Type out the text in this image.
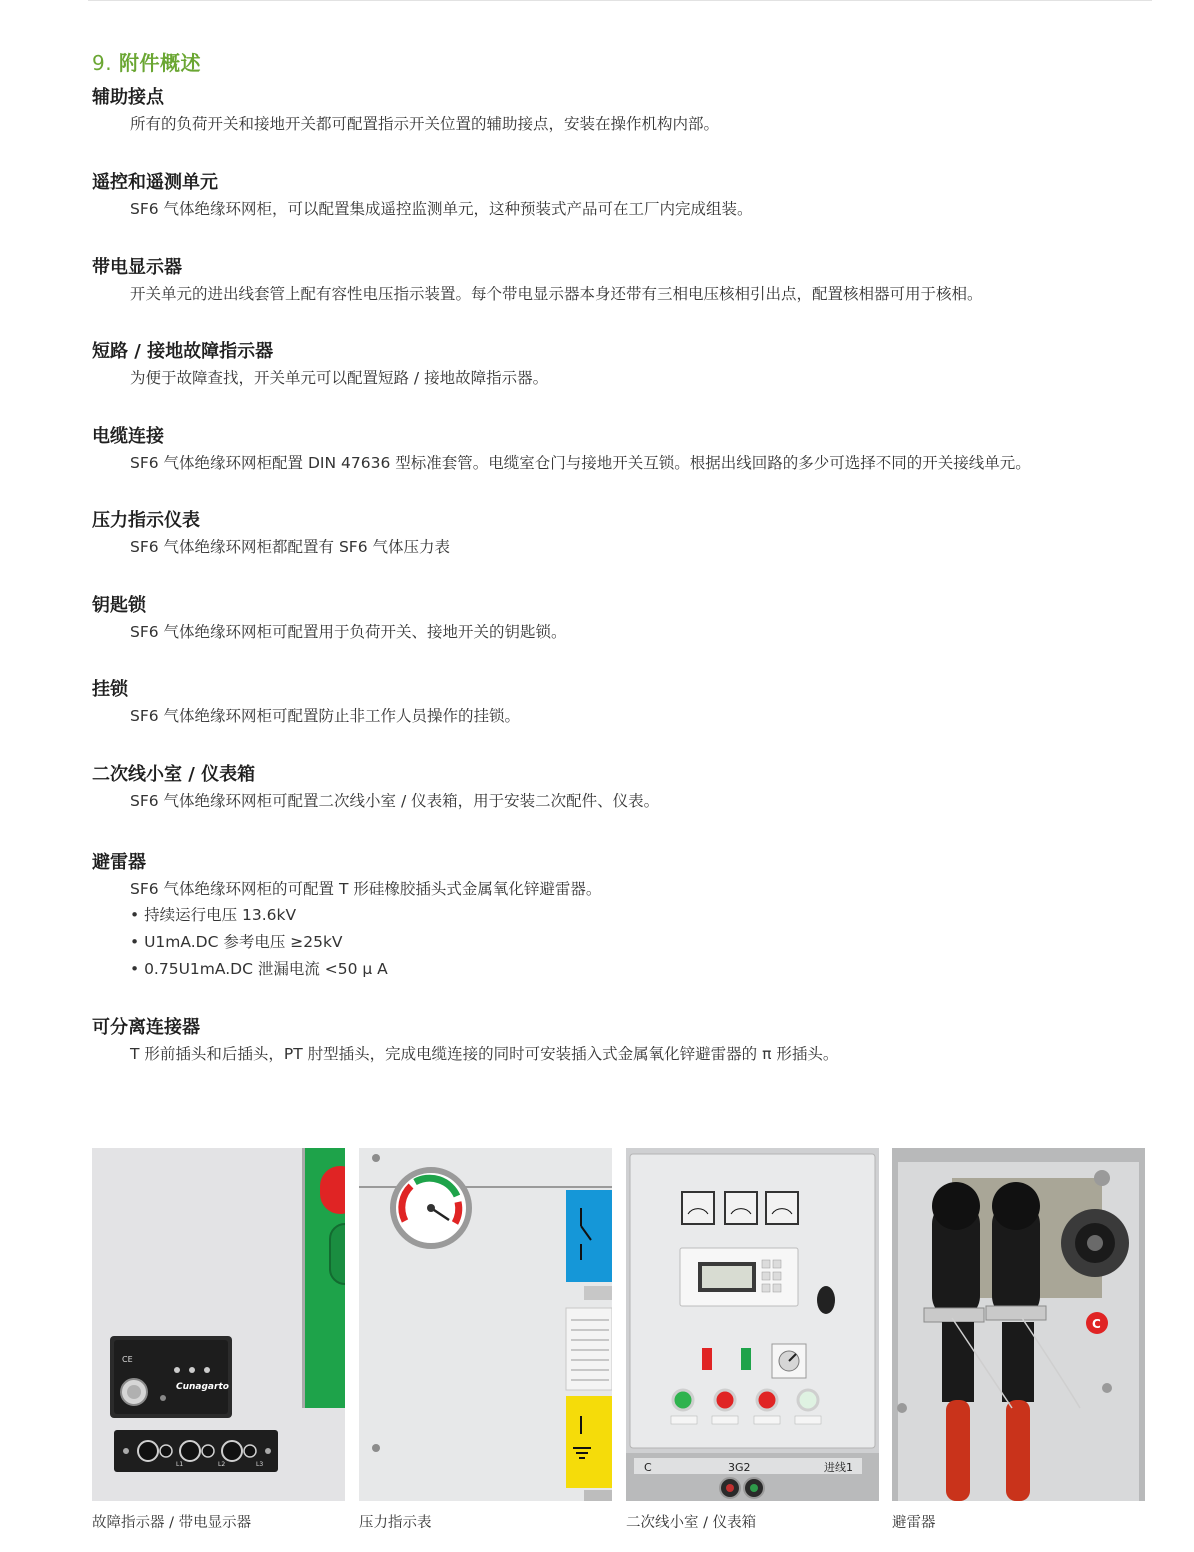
9. 附件概述
辅助接点
所有的负荷开关和接地开关都可配置指示开关位置的辅助接点，安装在操作机构内部。
遥控和遥测单元
SF6 气体绝缘环网柜，可以配置集成遥控监测单元，这种预装式产品可在工厂内完成组装。
带电显示器
开关单元的进出线套管上配有容性电压指示装置。每个带电显示器本身还带有三相电压核相引出点，配置核相器可用于核相。
短路 / 接地故障指示器
为便于故障查找，开关单元可以配置短路 / 接地故障指示器。
电缆连接
SF6 气体绝缘环网柜配置 DIN 47636 型标准套管。电缆室仓门与接地开关互锁。根据出线回路的多少可选择不同的开关接线单元。
压力指示仪表
SF6 气体绝缘环网柜都配置有 SF6 气体压力表
钥匙锁
SF6 气体绝缘环网柜可配置用于负荷开关、接地开关的钥匙锁。
挂锁
SF6 气体绝缘环网柜可配置防止非工作人员操作的挂锁。
二次线小室 / 仪表箱
SF6 气体绝缘环网柜可配置二次线小室 / 仪表箱，用于安装二次配件、仪表。
避雷器
SF6 气体绝缘环网柜的可配置 T 形硅橡胶插头式金属氧化锌避雷器。
• 持续运行电压 13.6kV
• U1mA.DC 参考电压 ≥25kV
• 0.75U1mA.DC 泄漏电流 <50 μ A
可分离连接器
T 形前插头和后插头，PT 肘型插头，完成电缆连接的同时可安装插入式金属氧化锌避雷器的 π 形插头。
CE
Cunagarto
L1	L2	L3
故障指示器 / 带电显示器	压力指示表
C	3G2	进线1
二次线小室 / 仪表箱
C
避雷器
